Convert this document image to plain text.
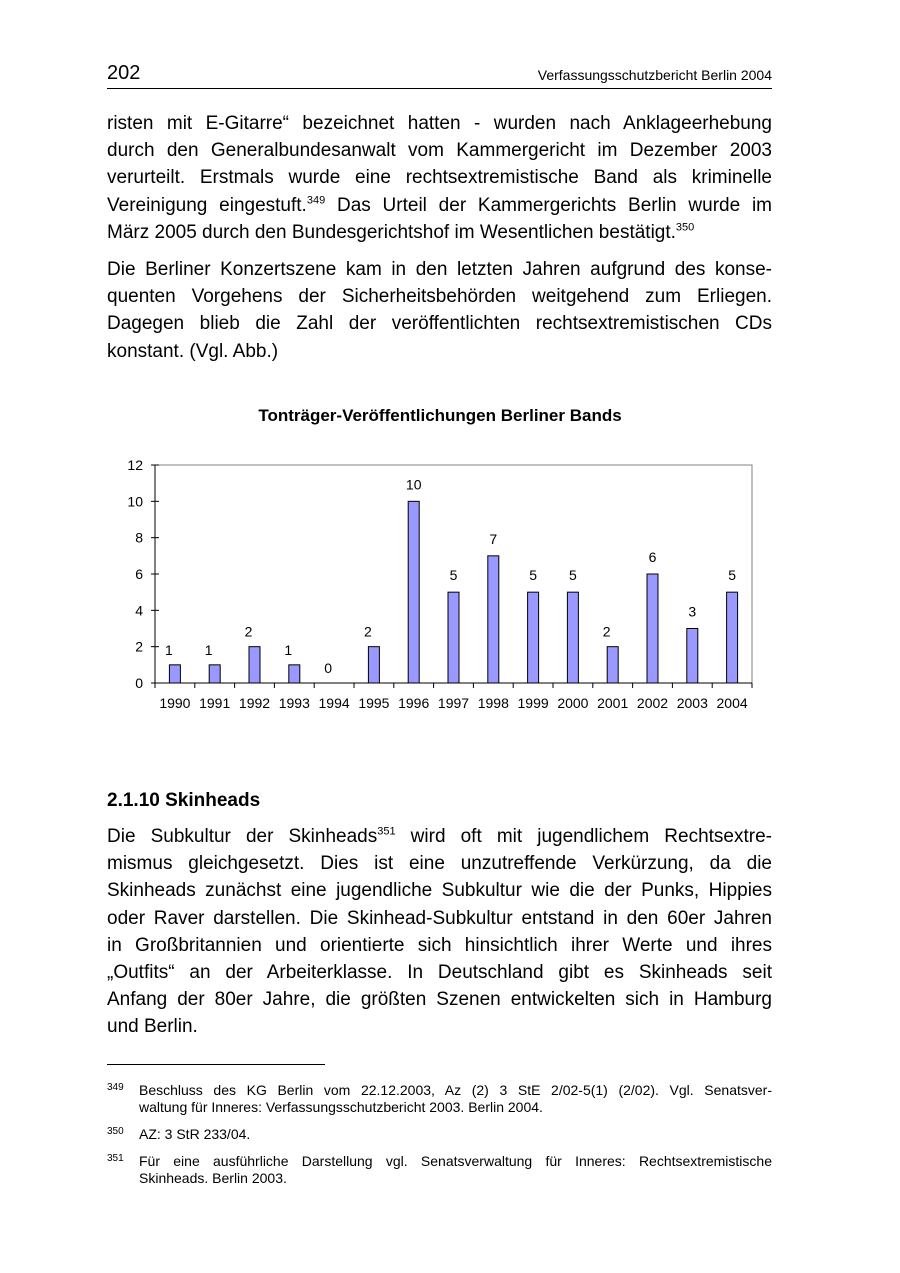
202	Verfassungsschutzbericht Berlin 2004
risten mit E-Gitarre“ bezeichnet hatten - wurden nach Anklageerhebung
durch den Generalbundesanwalt vom Kammergericht im Dezember 2003
verurteilt. Erstmals wurde eine rechtsextremistische Band als kriminelle
Vereinigung eingestuft.$^{349}$ Das Urteil der Kammergerichts Berlin wurde im
März 2005 durch den Bundesgerichtshof im Wesentlichen bestätigt.$^{350}$
Die Berliner Konzertszene kam in den letzten Jahren aufgrund des konse-
quenten Vorgehens der Sicherheitsbehörden weitgehend zum Erliegen.
Dagegen blieb die Zahl der veröffentlichten rechtsextremistischen CDs
konstant. (Vgl. Abb.)
Tonträger-Veröffentlichungen Berliner Bands
0
2
4
6
8
10
12
1
1990
1
1991
2
1992
1
1993
0
1994
2
1995
10
1996
5
1997
7
1998
5
1999
5
2000
2
2001
6
2002
3
2003
5
2004
2.1.10 Skinheads
Die Subkultur der Skinheads$^{351}$ wird oft mit jugendlichem Rechtsextre-
mismus gleichgesetzt. Dies ist eine unzutreffende Verkürzung, da die
Skinheads zunächst eine jugendliche Subkultur wie die der Punks, Hippies
oder Raver darstellen. Die Skinhead-Subkultur entstand in den 60er Jahren
in Großbritannien und orientierte sich hinsichtlich ihrer Werte und ihres
„Outfits“ an der Arbeiterklasse. In Deutschland gibt es Skinheads seit
Anfang der 80er Jahre, die größten Szenen entwickelten sich in Hamburg
und Berlin.
349 Beschluss des KG Berlin vom 22.12.2003, Az (2) 3 StE 2/02-5(1) (2/02). Vgl. Senatsver-
waltung für Inneres: Verfassungsschutzbericht 2003. Berlin 2004.
350 AZ: 3 StR 233/04.
351 Für eine ausführliche Darstellung vgl. Senatsverwaltung für Inneres: Rechtsextremistische
Skinheads. Berlin 2003.
